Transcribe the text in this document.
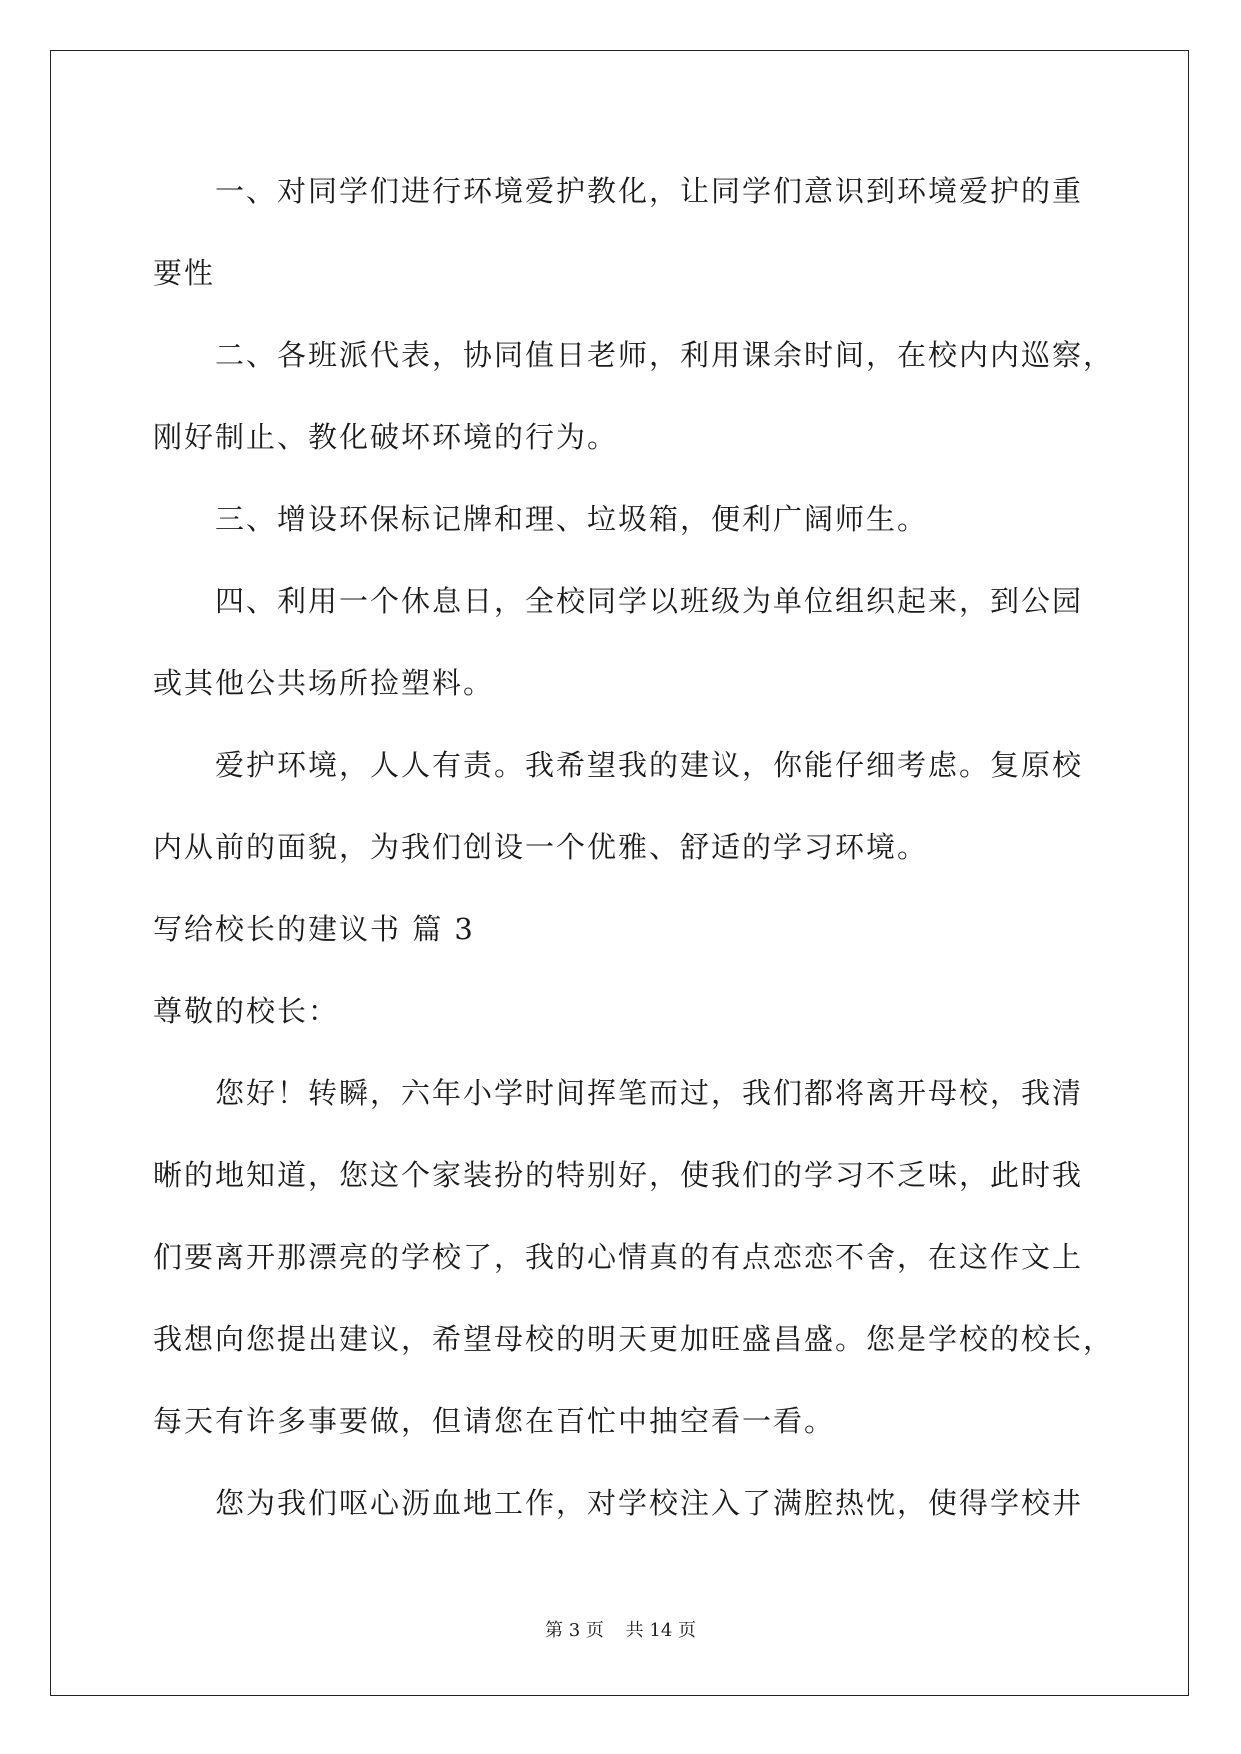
一、对同学们进行环境爱护教化，让同学们意识到环境爱护的重
要性
二、各班派代表，协同值日老师，利用课余时间，在校内内巡察，
刚好制止、教化破坏环境的行为。
三、增设环保标记牌和理、垃圾箱，便利广阔师生。
四、利用一个休息日，全校同学以班级为单位组织起来，到公园
或其他公共场所捡塑料。
爱护环境，人人有责。我希望我的建议，你能仔细考虑。复原校
内从前的面貌，为我们创设一个优雅、舒适的学习环境。
写给校长的建议书 篇 3
尊敬的校长：
您好！转瞬，六年小学时间挥笔而过，我们都将离开母校，我清
晰的地知道，您这个家装扮的特别好，使我们的学习不乏味，此时我
们要离开那漂亮的学校了，我的心情真的有点恋恋不舍，在这作文上
我想向您提出建议，希望母校的明天更加旺盛昌盛。您是学校的校长，
每天有许多事要做，但请您在百忙中抽空看一看。
您为我们呕心沥血地工作，对学校注入了满腔热忱，使得学校井
第 3 页 共 14 页
